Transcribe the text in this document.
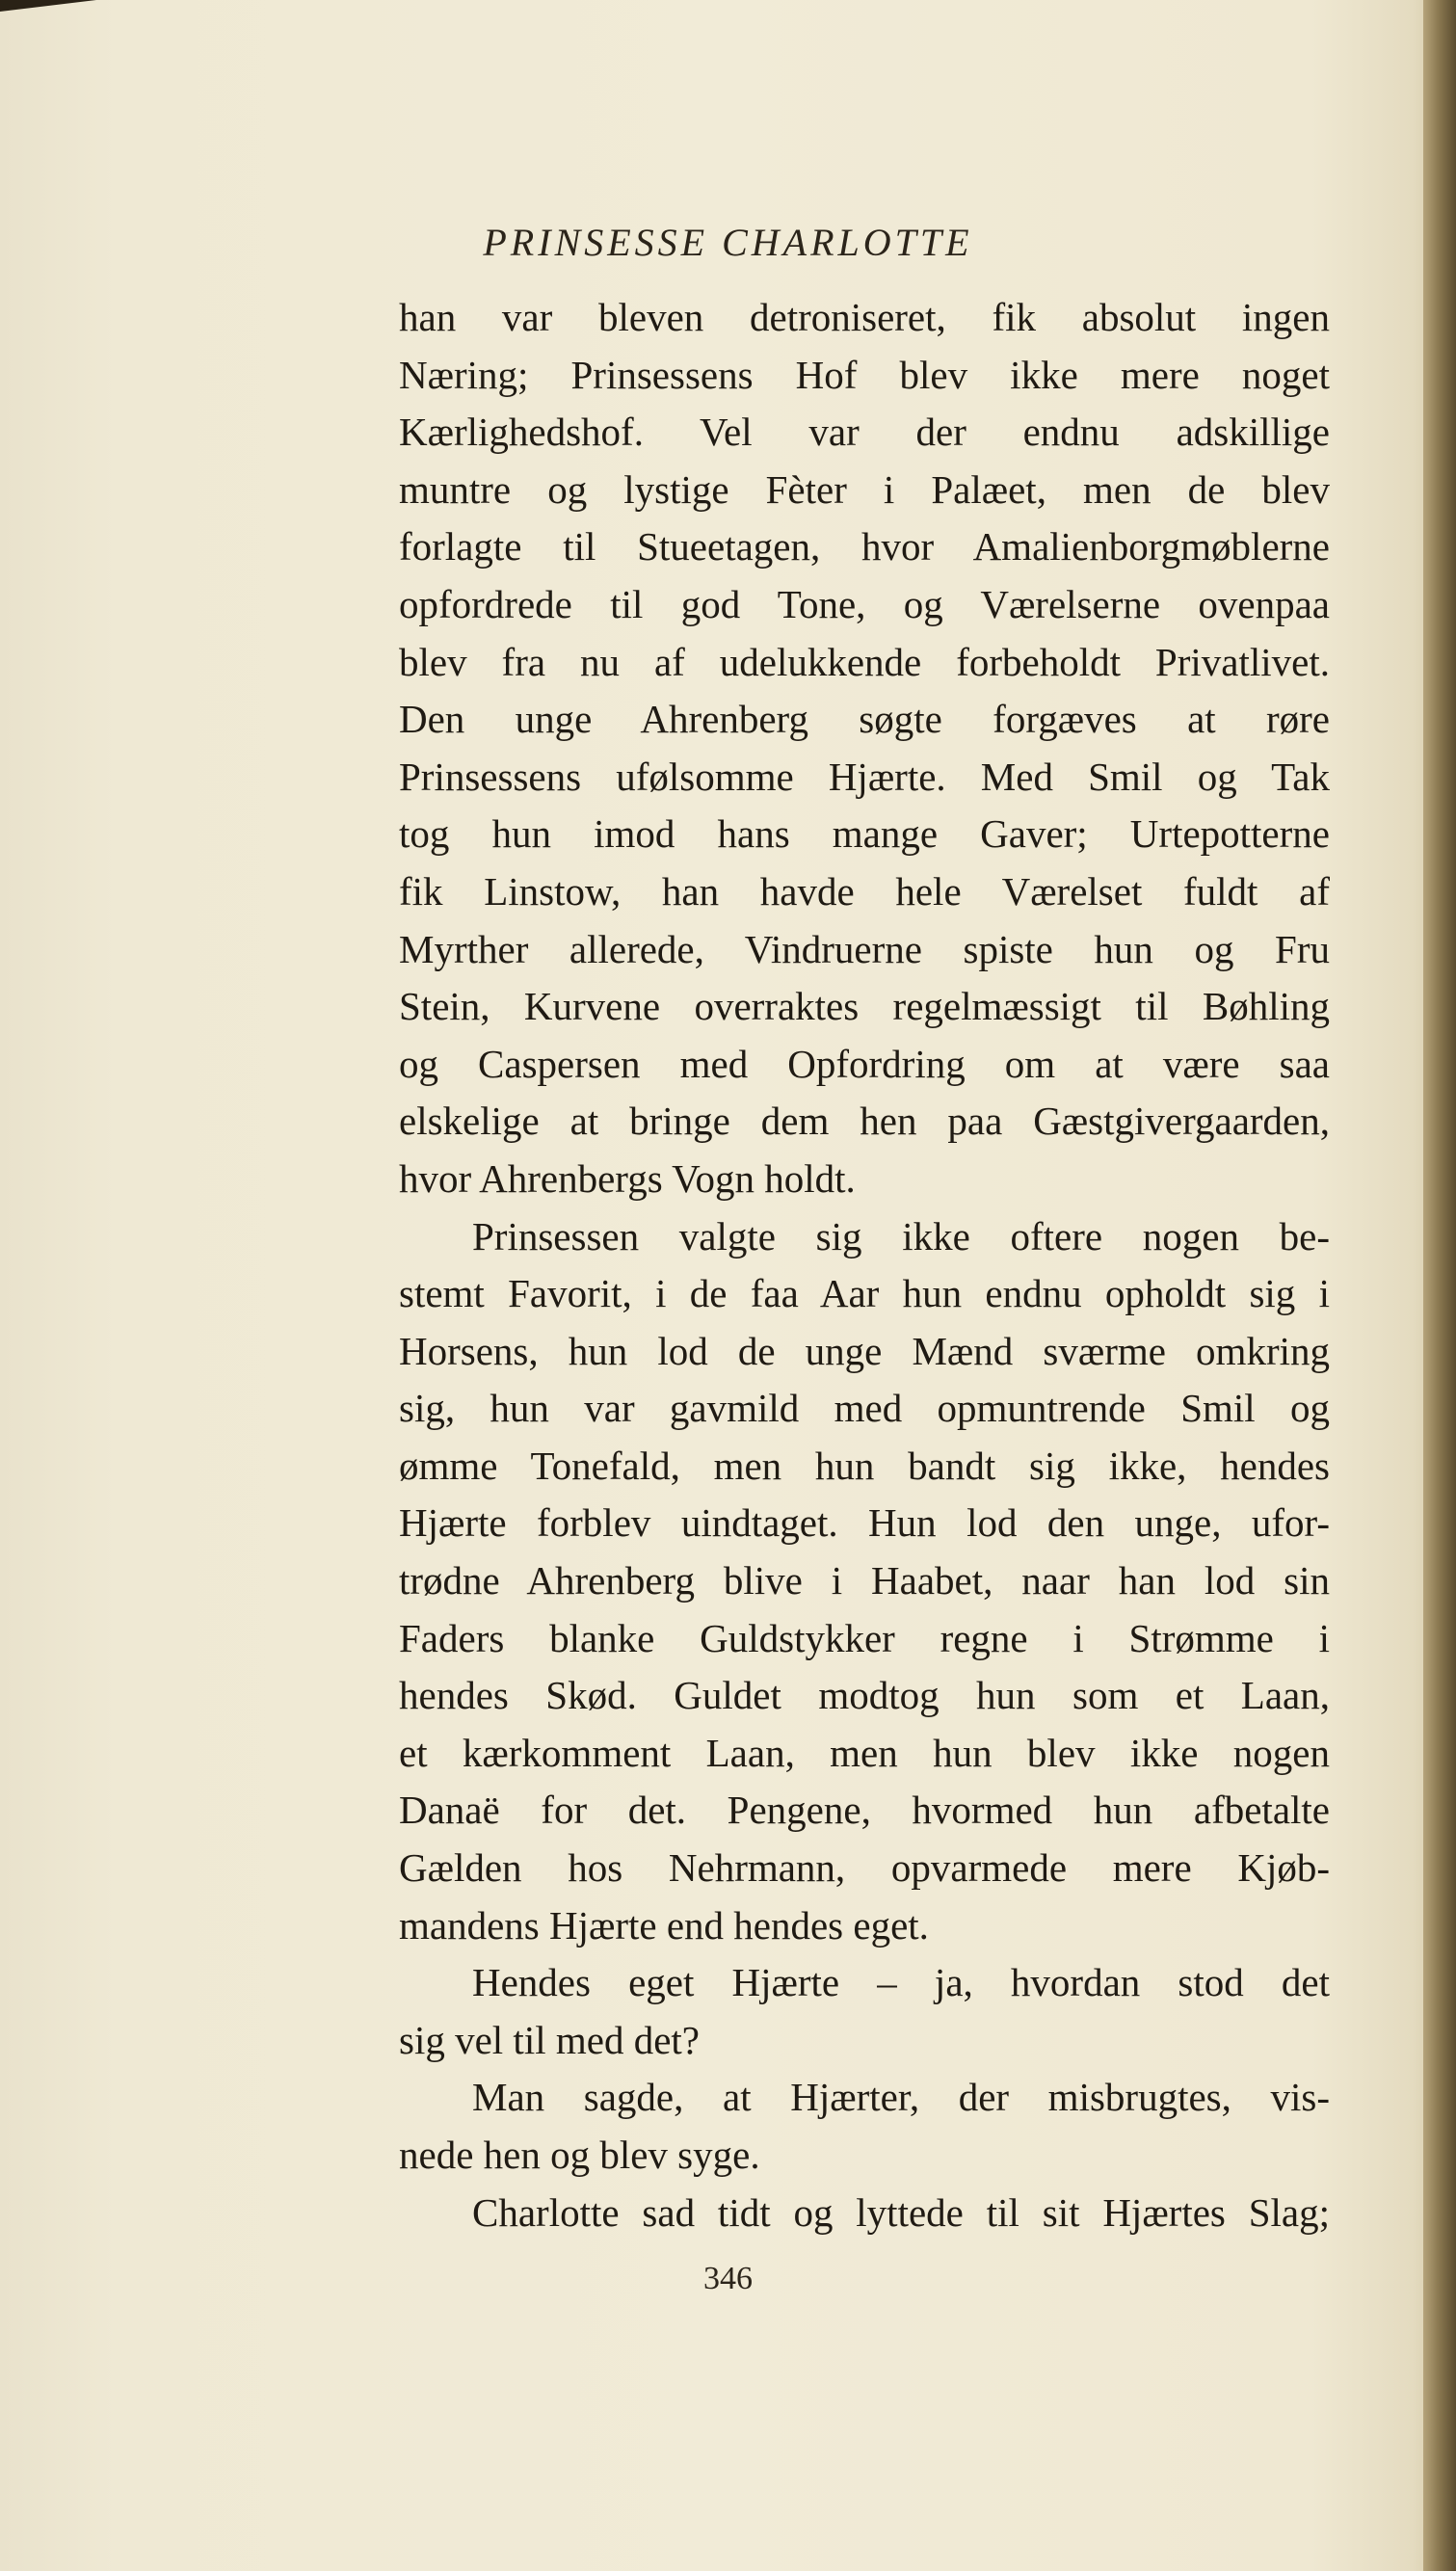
PRINSESSE CHARLOTTE
han var bleven detroniseret, fik absolut ingen
Næring; Prinsessens Hof blev ikke mere noget
Kærlighedshof. Vel var der endnu adskillige
muntre og lystige Fèter i Palæet, men de blev
forlagte til Stueetagen, hvor Amalienborgmøblerne
opfordrede til god Tone, og Værelserne ovenpaa
blev fra nu af udelukkende forbeholdt Privatlivet.
Den unge Ahrenberg søgte forgæves at røre
Prinsessens ufølsomme Hjærte. Med Smil og Tak
tog hun imod hans mange Gaver; Urtepotterne
fik Linstow, han havde hele Værelset fuldt af
Myrther allerede, Vindruerne spiste hun og Fru
Stein, Kurvene overraktes regelmæssigt til Bøhling
og Caspersen med Opfordring om at være saa
elskelige at bringe dem hen paa Gæstgivergaarden,
hvor Ahrenbergs Vogn holdt.
Prinsessen valgte sig ikke oftere nogen be-
stemt Favorit, i de faa Aar hun endnu opholdt sig i
Horsens, hun lod de unge Mænd sværme omkring
sig, hun var gavmild med opmuntrende Smil og
ømme Tonefald, men hun bandt sig ikke, hendes
Hjærte forblev uindtaget. Hun lod den unge, ufor-
trødne Ahrenberg blive i Haabet, naar han lod sin
Faders blanke Guldstykker regne i Strømme i
hendes Skød. Guldet modtog hun som et Laan,
et kærkomment Laan, men hun blev ikke nogen
Danaë for det. Pengene, hvormed hun afbetalte
Gælden hos Nehrmann, opvarmede mere Kjøb-
mandens Hjærte end hendes eget.
Hendes eget Hjærte – ja, hvordan stod det
sig vel til med det?
Man sagde, at Hjærter, der misbrugtes, vis-
nede hen og blev syge.
Charlotte sad tidt og lyttede til sit Hjærtes Slag;
346
